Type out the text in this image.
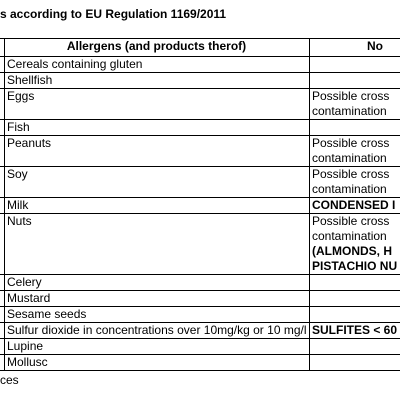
s according to EU Regulation 1169/2011
	Allergens (and products therof)	No
	Cereals containing gluten	
	Shellfish	
	Eggs	Possible cross
contamination

	Fish	
	Peanuts	Possible cross
contamination

	Soy	Possible cross
contamination

	Milk	CONDENSED I

	Nuts	Possible cross
contamination
(ALMONDS, H
PISTACHIO NU

	Celery	
	Mustard	
	Sesame seeds	
	Sulfur dioxide in concentrations over 10mg/kg or 10 mg/l	SULFITES < 60

	Lupine	
	Mollusc	
ces
